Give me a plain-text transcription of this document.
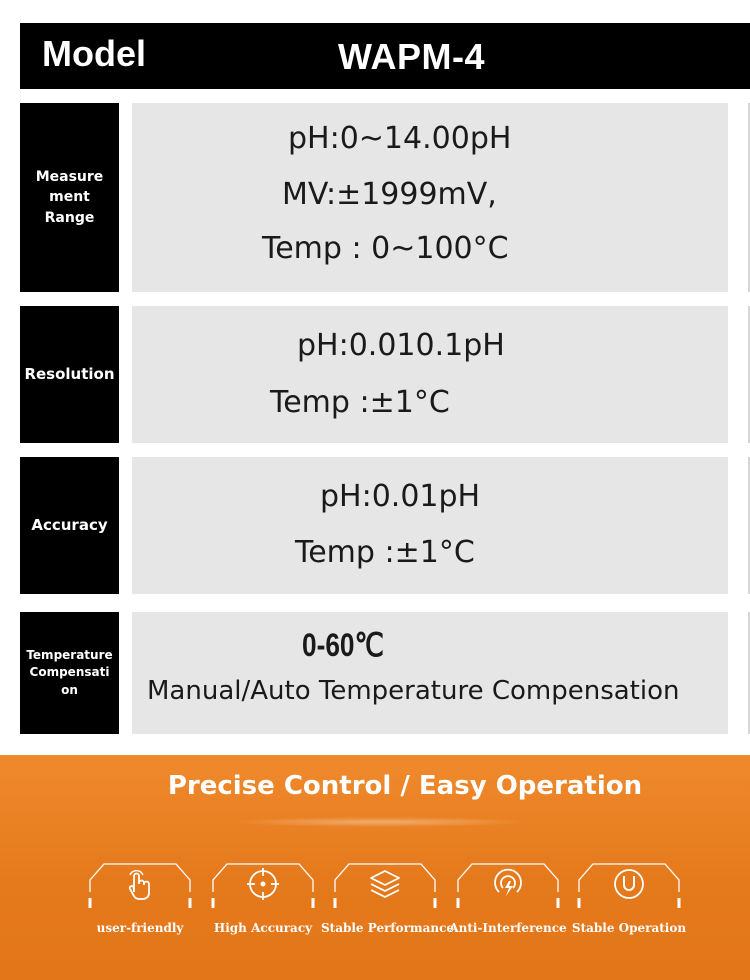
Model	WAPM-4
Measure
ment
Range
pH:0~14.00pH
MV:±1999mV,
Temp : 0~100°C
Resolution
pH:0.010.1pH
Temp :±1°C
Accuracy
pH:0.01pH
Temp :±1°C
Temperature
Compensati
on
0-60℃
Manual/Auto Temperature Compensation
Precise Control / Easy Operation
user-friendly	High Accuracy Stable Performance
Anti-Interference Stable Operation
